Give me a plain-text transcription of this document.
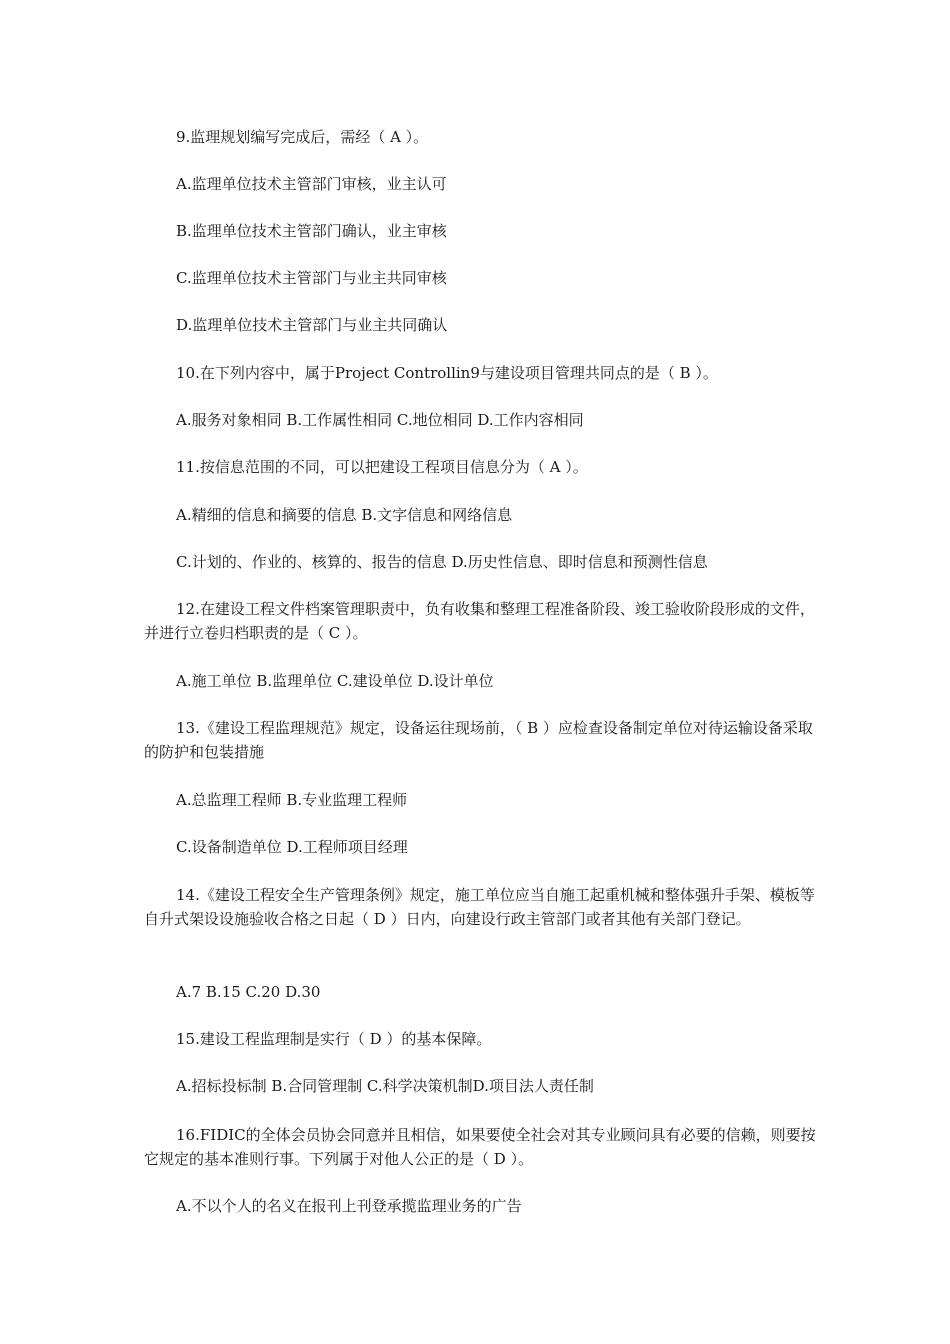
9.监理规划编写完成后，需经（ A ）。

A.监理单位技术主管部门审核，业主认可

B.监理单位技术主管部门确认，业主审核

C.监理单位技术主管部门与业主共同审核

D.监理单位技术主管部门与业主共同确认

10.在下列内容中，属于Project Controllin9与建设项目管理共同点的是（ B ）。

A.服务对象相同 B.工作属性相同 C.地位相同 D.工作内容相同

11.按信息范围的不同，可以把建设工程项目信息分为（ A ）。

A.精细的信息和摘要的信息 B.文字信息和网络信息

C.计划的、作业的、核算的、报告的信息 D.历史性信息、即时信息和预测性信息

12.在建设工程文件档案管理职责中，负有收集和整理工程准备阶段、竣工验收阶段形成的文件，并进行立卷归档职责的是（ C ）。

A.施工单位 B.监理单位 C.建设单位 D.设计单位

13.《建设工程监理规范》规定，设备运往现场前，（ B ）应检查设备制定单位对待运输设备采取的防护和包装措施

A.总监理工程师 B.专业监理工程师

C.设备制造单位 D.工程师项目经理

14.《建设工程安全生产管理条例》规定，施工单位应当自施工起重机械和整体强升手架、模板等自升式架设设施验收合格之日起（ D ）日内，向建设行政主管部门或者其他有关部门登记。

A.7 B.15 C.20 D.30

15.建设工程监理制是实行（ D ）的基本保障。

A.招标投标制 B.合同管理制 C.科学决策机制D.项目法人责任制

16.FIDIC的全体会员协会同意并且相信，如果要使全社会对其专业顾问具有必要的信赖，则要按它规定的基本准则行事。下列属于对他人公正的是（ D ）。

A.不以个人的名义在报刊上刊登承揽监理业务的广告
